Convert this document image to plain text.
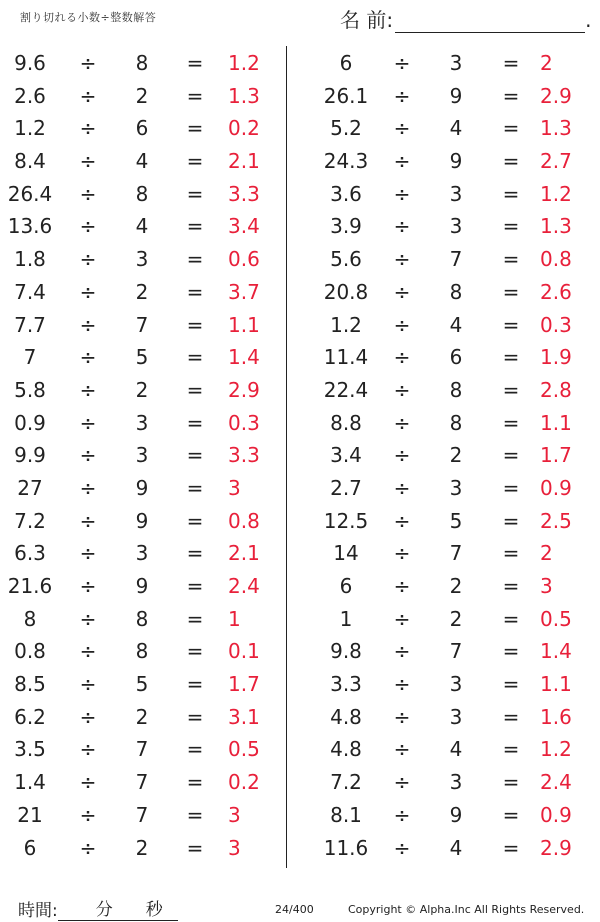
割り切れる小数÷整数解答	名 前:	.
9.6	÷	8	= 1.2
2.6	÷	2	= 1.3
1.2	÷	6	= 0.2
8.4	÷	4	= 2.1
26.4	÷	8	= 3.3
13.6	÷	4	= 3.4
1.8	÷	3	= 0.6
7.4	÷	2	= 3.7
7.7	÷	7	= 1.1
7	÷	5	= 1.4
5.8	÷	2	= 2.9
0.9	÷	3	= 0.3
9.9	÷	3	= 3.3
27	÷	9	= 3
7.2	÷	9	= 0.8
6.3	÷	3	= 2.1
21.6	÷	9	= 2.4
8	÷	8	= 1
0.8	÷	8	= 0.1
8.5	÷	5	= 1.7
6.2	÷	2	= 3.1
3.5	÷	7	= 0.5
1.4	÷	7	= 0.2
21	÷	7	= 3
6	÷	2	= 3
6	÷	3	= 2
26.1	÷	9	= 2.9
5.2	÷	4	= 1.3
24.3	÷	9	= 2.7
3.6	÷	3	= 1.2
3.9	÷	3	= 1.3
5.6	÷	7	= 0.8
20.8	÷	8	= 2.6
1.2	÷	4	= 0.3
11.4	÷	6	= 1.9
22.4	÷	8	= 2.8
8.8	÷	8	= 1.1
3.4	÷	2	= 1.7
2.7	÷	3	= 0.9
12.5	÷	5	= 2.5
14	÷	7	= 2
6	÷	2	= 3
1	÷	2	= 0.5
9.8	÷	7	= 1.4
3.3	÷	3	= 1.1
4.8	÷	3	= 1.6
4.8	÷	4	= 1.2
7.2	÷	3	= 2.4
8.1	÷	9	= 0.9
11.6	÷	4	= 2.9
時間: 分 秒	24/400	Copyright © Alpha.Inc All Rights Reserved.
